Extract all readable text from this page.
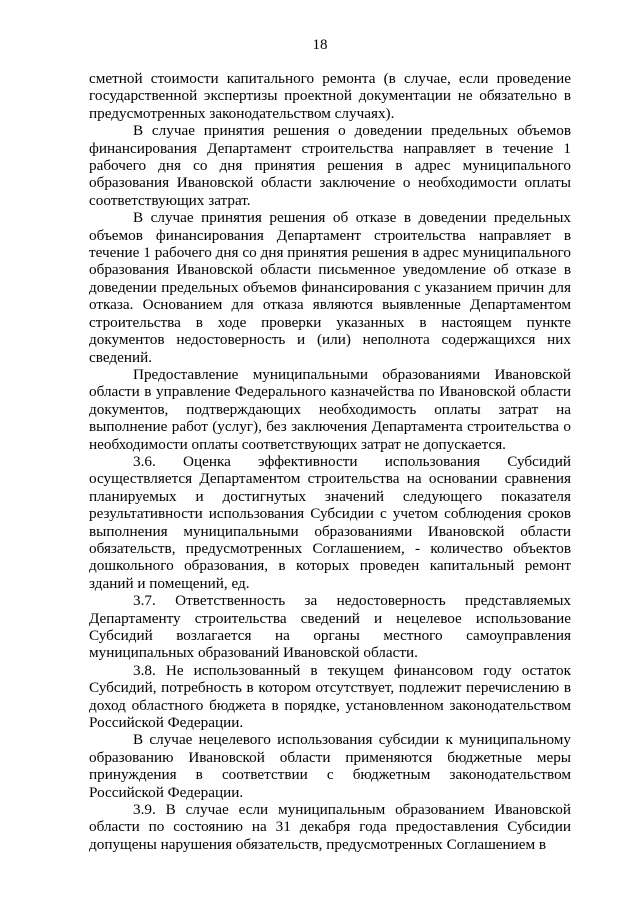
18

сметной стоимости капитального ремонта (в случае, если проведение государственной экспертизы проектной документации не обязательно в предусмотренных законодательством случаях).

В случае принятия решения о доведении предельных объемов финансирования Департамент строительства направляет в течение 1 рабочего дня со дня принятия решения в адрес муниципального образования Ивановской области заключение о необходимости оплаты соответствующих затрат.

В случае принятия решения об отказе в доведении предельных объемов финансирования Департамент строительства направляет в течение 1 рабочего дня со дня принятия решения в адрес муниципального образования Ивановской области письменное уведомление об отказе в доведении предельных объемов финансирования с указанием причин для отказа. Основанием для отказа являются выявленные Департаментом строительства в ходе проверки указанных в настоящем пункте документов недостоверность и (или) неполнота содержащихся них сведений.

Предоставление муниципальными образованиями Ивановской области в управление Федерального казначейства по Ивановской области документов, подтверждающих необходимость оплаты затрат на выполнение работ (услуг), без заключения Департамента строительства о необходимости оплаты соответствующих затрат не допускается.

3.6. Оценка эффективности использования Субсидий осуществляется Департаментом строительства на основании сравнения планируемых и достигнутых значений следующего показателя результативности использования Субсидии с учетом соблюдения сроков выполнения муниципальными образованиями Ивановской области обязательств, предусмотренных Соглашением, - количество объектов дошкольного образования, в которых проведен капитальный ремонт зданий и помещений, ед.

3.7. Ответственность за недостоверность представляемых Департаменту строительства сведений и нецелевое использование Субсидий возлагается на органы местного самоуправления муниципальных образований Ивановской области.

3.8. Не использованный в текущем финансовом году остаток Субсидий, потребность в котором отсутствует, подлежит перечислению в доход областного бюджета в порядке, установленном законодательством Российской Федерации.

В случае нецелевого использования субсидии к муниципальному образованию Ивановской области применяются бюджетные меры принуждения в соответствии с бюджетным законодательством Российской Федерации.

3.9. В случае если муниципальным образованием Ивановской области по состоянию на 31 декабря года предоставления Субсидии допущены нарушения обязательств, предусмотренных Соглашением в
